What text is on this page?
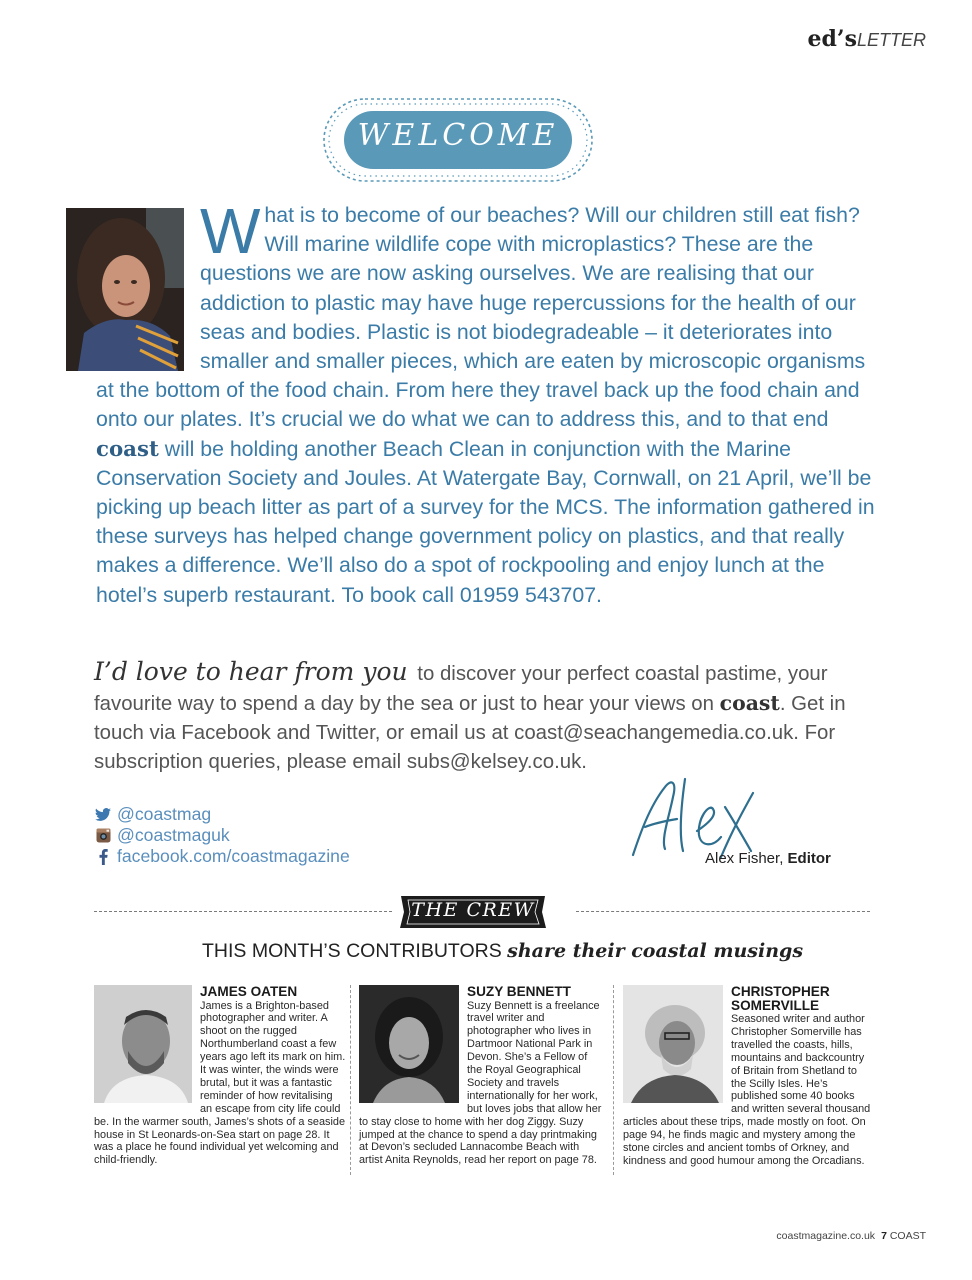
ed’sLETTER
WELCOME
What is to become of our beaches? Will our children still eat fish? Will marine wildlife cope with microplastics? These are the questions we are now asking ourselves. We are realising that our addiction to plastic may have huge repercussions for the health of our seas and bodies. Plastic is not biodegradeable – it deteriorates into smaller and smaller pieces, which are eaten by microscopic organisms at the bottom of the food chain. From here they travel back up the food chain and onto our plates. It’s crucial we do what we can to address this, and to that end coast will be holding another Beach Clean in conjunction with the Marine Conservation Society and Joules. At Watergate Bay, Cornwall, on 21 April, we’ll be picking up beach litter as part of a survey for the MCS. The information gathered in these surveys has helped change government policy on plastics, and that really makes a difference. We’ll also do a spot of rockpooling and enjoy lunch at the hotel’s superb restaurant. To book call 01959 543707.
I’d love to hear from you to discover your perfect coastal pastime, your favourite way to spend a day by the sea or just to hear your views on coast. Get in touch via Facebook and Twitter, or email us at coast@seachangemedia.co.uk. For subscription queries, please email subs@kelsey.co.uk.
@coastmag
@coastmaguk
facebook.com/coastmagazine	Alex Fisher, Editor
THE CREW
THIS MONTH’S CONTRIBUTORS share their coastal musings
JAMES OATEN

James is a Brighton-based photographer and writer. A shoot on the rugged Northumberland coast a few years ago left its mark on him. It was winter, the winds were brutal, but it was a fantastic reminder of how revitalising an escape from city life could be. In the warmer south, James’s shots of a seaside house in St Leonards-on-Sea start on page 28. It was a place he found individual yet welcoming and child-friendly.

SUZY BENNETT

Suzy Bennett is a freelance travel writer and photographer who lives in Dartmoor National Park in Devon. She’s a Fellow of the Royal Geographical Society and travels internationally for her work, but loves jobs that allow her to stay close to home with her dog Ziggy. Suzy jumped at the chance to spend a day printmaking at Devon’s secluded Lannacombe Beach with artist Anita Reynolds, read her report on page 78.

CHRISTOPHER SOMERVILLE

Seasoned writer and author Christopher Somerville has travelled the coasts, hills, mountains and backcountry of Britain from Shetland to the Scilly Isles. He’s published some 40 books and written several thousand articles about these trips, made mostly on foot. On page 94, he finds magic and mystery among the stone circles and ancient tombs of Orkney, and kindness and good humour among the Orcadians.

coastmagazine.co.uk 7 COAST
